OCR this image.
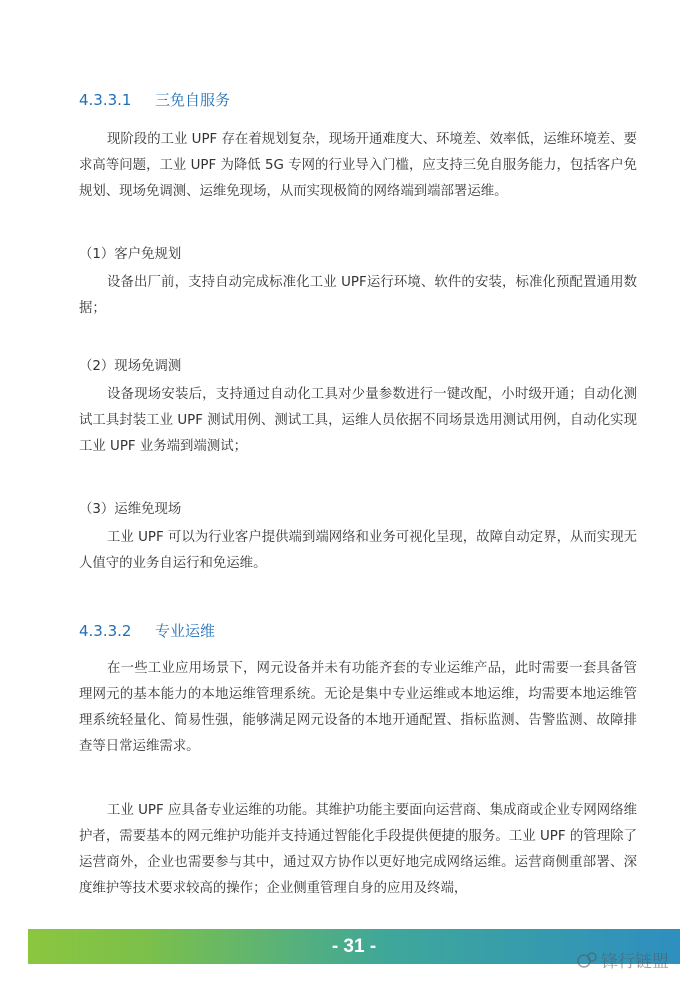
4.3.3.1 三免自服务

现阶段的工业 UPF 存在着规划复杂，现场开通难度大、环境差、效率低，运维环境差、要求高等问题，工业 UPF 为降低 5G 专网的行业导入门槛，应支持三免自服务能力，包括客户免规划、现场免调测、运维免现场，从而实现极简的网络端到端部署运维。

（1）客户免规划

设备出厂前，支持自动完成标准化工业 UPF运行环境、软件的安装，标准化预配置通用数据；

（2）现场免调测

设备现场安装后，支持通过自动化工具对少量参数进行一键改配，小时级开通；自动化测试工具封装工业 UPF 测试用例、测试工具，运维人员依据不同场景选用测试用例，自动化实现工业 UPF 业务端到端测试；

（3）运维免现场

工业 UPF 可以为行业客户提供端到端网络和业务可视化呈现，故障自动定界，从而实现无人值守的业务自运行和免运维。

4.3.3.2 专业运维

在一些工业应用场景下，网元设备并未有功能齐套的专业运维产品，此时需要一套具备管理网元的基本能力的本地运维管理系统。无论是集中专业运维或本地运维，均需要本地运维管理系统轻量化、简易性强，能够满足网元设备的本地开通配置、指标监测、告警监测、故障排查等日常运维需求。

工业 UPF 应具备专业运维的功能。其维护功能主要面向运营商、集成商或企业专网网络维护者，需要基本的网元维护功能并支持通过智能化手段提供便捷的服务。工业 UPF 的管理除了运营商外，企业也需要参与其中，通过双方协作以更好地完成网络运维。运营商侧重部署、深度维护等技术要求较高的操作；企业侧重管理自身的应用及终端，

- 31 -
锋行链盟
